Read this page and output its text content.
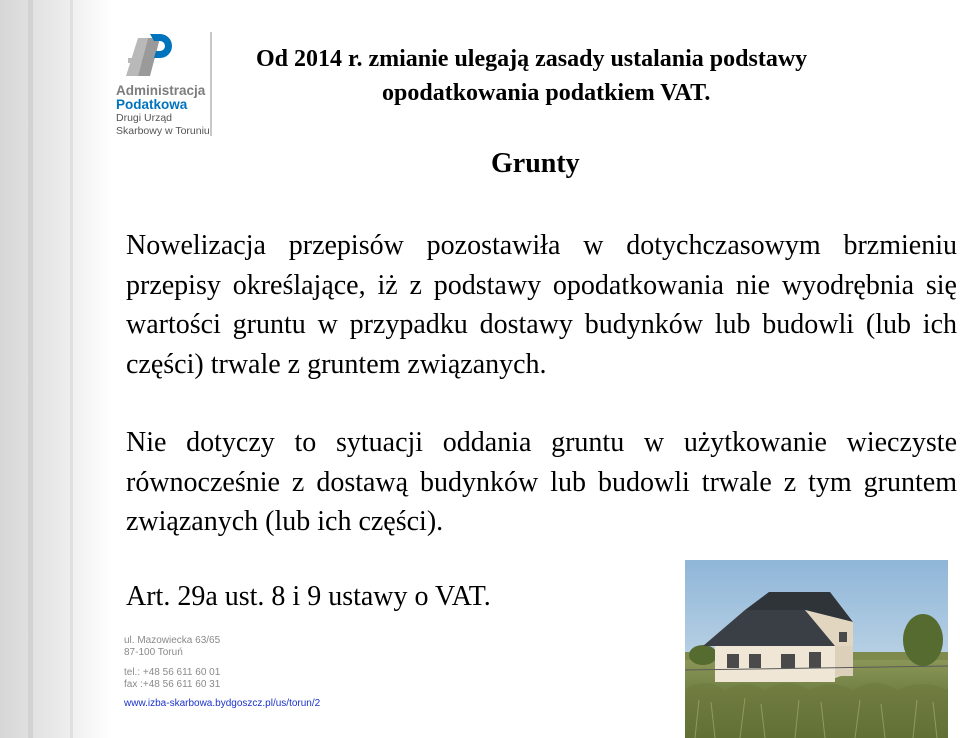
Administracja
Podatkowa
Drugi Urząd
Skarbowy w Toruniu
Od 2014 r. zmianie ulegają zasady ustalania podstawy
opodatkowania podatkiem VAT.
Grunty

Nowelizacja przepisów pozostawiła w dotychczasowym brzmieniu przepisy określające, iż z podstawy opodatkowania nie wyodrębnia się wartości gruntu w przypadku dostawy budynków lub budowli (lub ich części) trwale z gruntem związanych.

Nie dotyczy to sytuacji oddania gruntu w użytkowanie wieczyste równocześnie z dostawą budynków lub budowli trwale z tym gruntem związanych (lub ich części).

Art. 29a ust. 8 i 9 ustawy o VAT.
ul. Mazowiecka 63/65
87-100 Toruń
tel.: +48 56 611 60 01
fax :+48 56 611 60 31
www.izba-skarbowa.bydgoszcz.pl/us/torun/2
